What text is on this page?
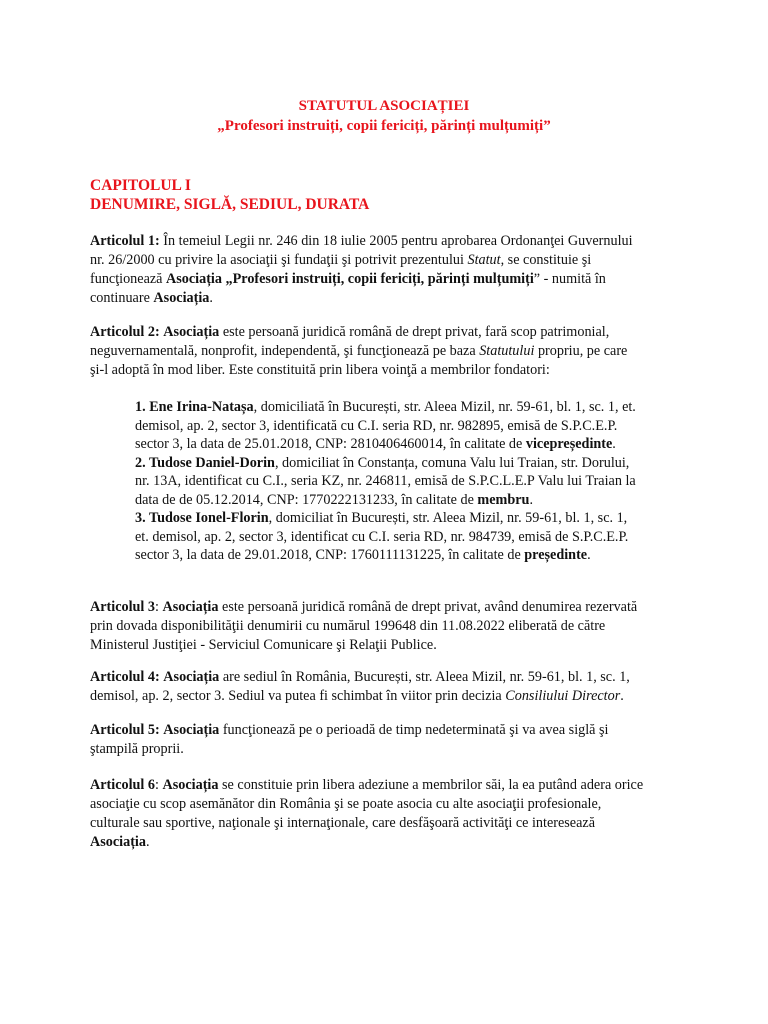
STATUTUL ASOCIAȚIEI
„Profesori instruiți, copii fericiți, părinți mulțumiți”
CAPITOLUL I
DENUMIRE, SIGLĂ, SEDIUL, DURATA
Articolul 1: În temeiul Legii nr. 246 din 18 iulie 2005 pentru aprobarea Ordonanţei Guvernului
nr. 26/2000 cu privire la asociaţii şi fundaţii şi potrivit prezentului Statut, se constituie şi
funcţionează Asociația „Profesori instruiți, copii fericiți, părinți mulțumiți” - numită în
continuare Asociația.
Articolul 2: Asociația este persoană juridică română de drept privat, fară scop patrimonial,
neguvernamentală, nonprofit, independentă, şi funcţionează pe baza Statutului propriu, pe care
şi-l adoptă în mod liber. Este constituită prin libera voinţă a membrilor fondatori:
1. Ene Irina-Natașa, domiciliată în București, str. Aleea Mizil, nr. 59-61, bl. 1, sc. 1, et.
demisol, ap. 2, sector 3, identificată cu C.I. seria RD, nr. 982895, emisă de S.P.C.E.P.
sector 3, la data de 25.01.2018, CNP: 2810406460014, în calitate de vicepreședinte.
2. Tudose Daniel-Dorin, domiciliat în Constanța, comuna Valu lui Traian, str. Dorului,
nr. 13A, identificat cu C.I., seria KZ, nr. 246811, emisă de S.P.C.L.E.P Valu lui Traian la
data de de 05.12.2014, CNP: 1770222131233, în calitate de membru.
3. Tudose Ionel-Florin, domiciliat în București, str. Aleea Mizil, nr. 59-61, bl. 1, sc. 1,
et. demisol, ap. 2, sector 3, identificat cu C.I. seria RD, nr. 984739, emisă de S.P.C.E.P.
sector 3, la data de 29.01.2018, CNP: 1760111131225, în calitate de președinte.
Articolul 3: Asociația este persoană juridică română de drept privat, având denumirea rezervată
prin dovada disponibilităţii denumirii cu numărul 199648 din 11.08.2022 eliberată de către
Ministerul Justiţiei - Serviciul Comunicare şi Relaţii Publice.
Articolul 4: Asociația are sediul în România, București, str. Aleea Mizil, nr. 59-61, bl. 1, sc. 1,
demisol, ap. 2, sector 3. Sediul va putea fi schimbat în viitor prin decizia Consiliului Director.
Articolul 5: Asociația funcţionează pe o perioadă de timp nedeterminată şi va avea siglă şi
ştampilă proprii.
Articolul 6: Asociația se constituie prin libera adeziune a membrilor săi, la ea putând adera orice
asociaţie cu scop asemănător din România şi se poate asocia cu alte asociaţii profesionale,
culturale sau sportive, naţionale şi internaţionale, care desfăşoară activităţi ce interesează
Asociația.
